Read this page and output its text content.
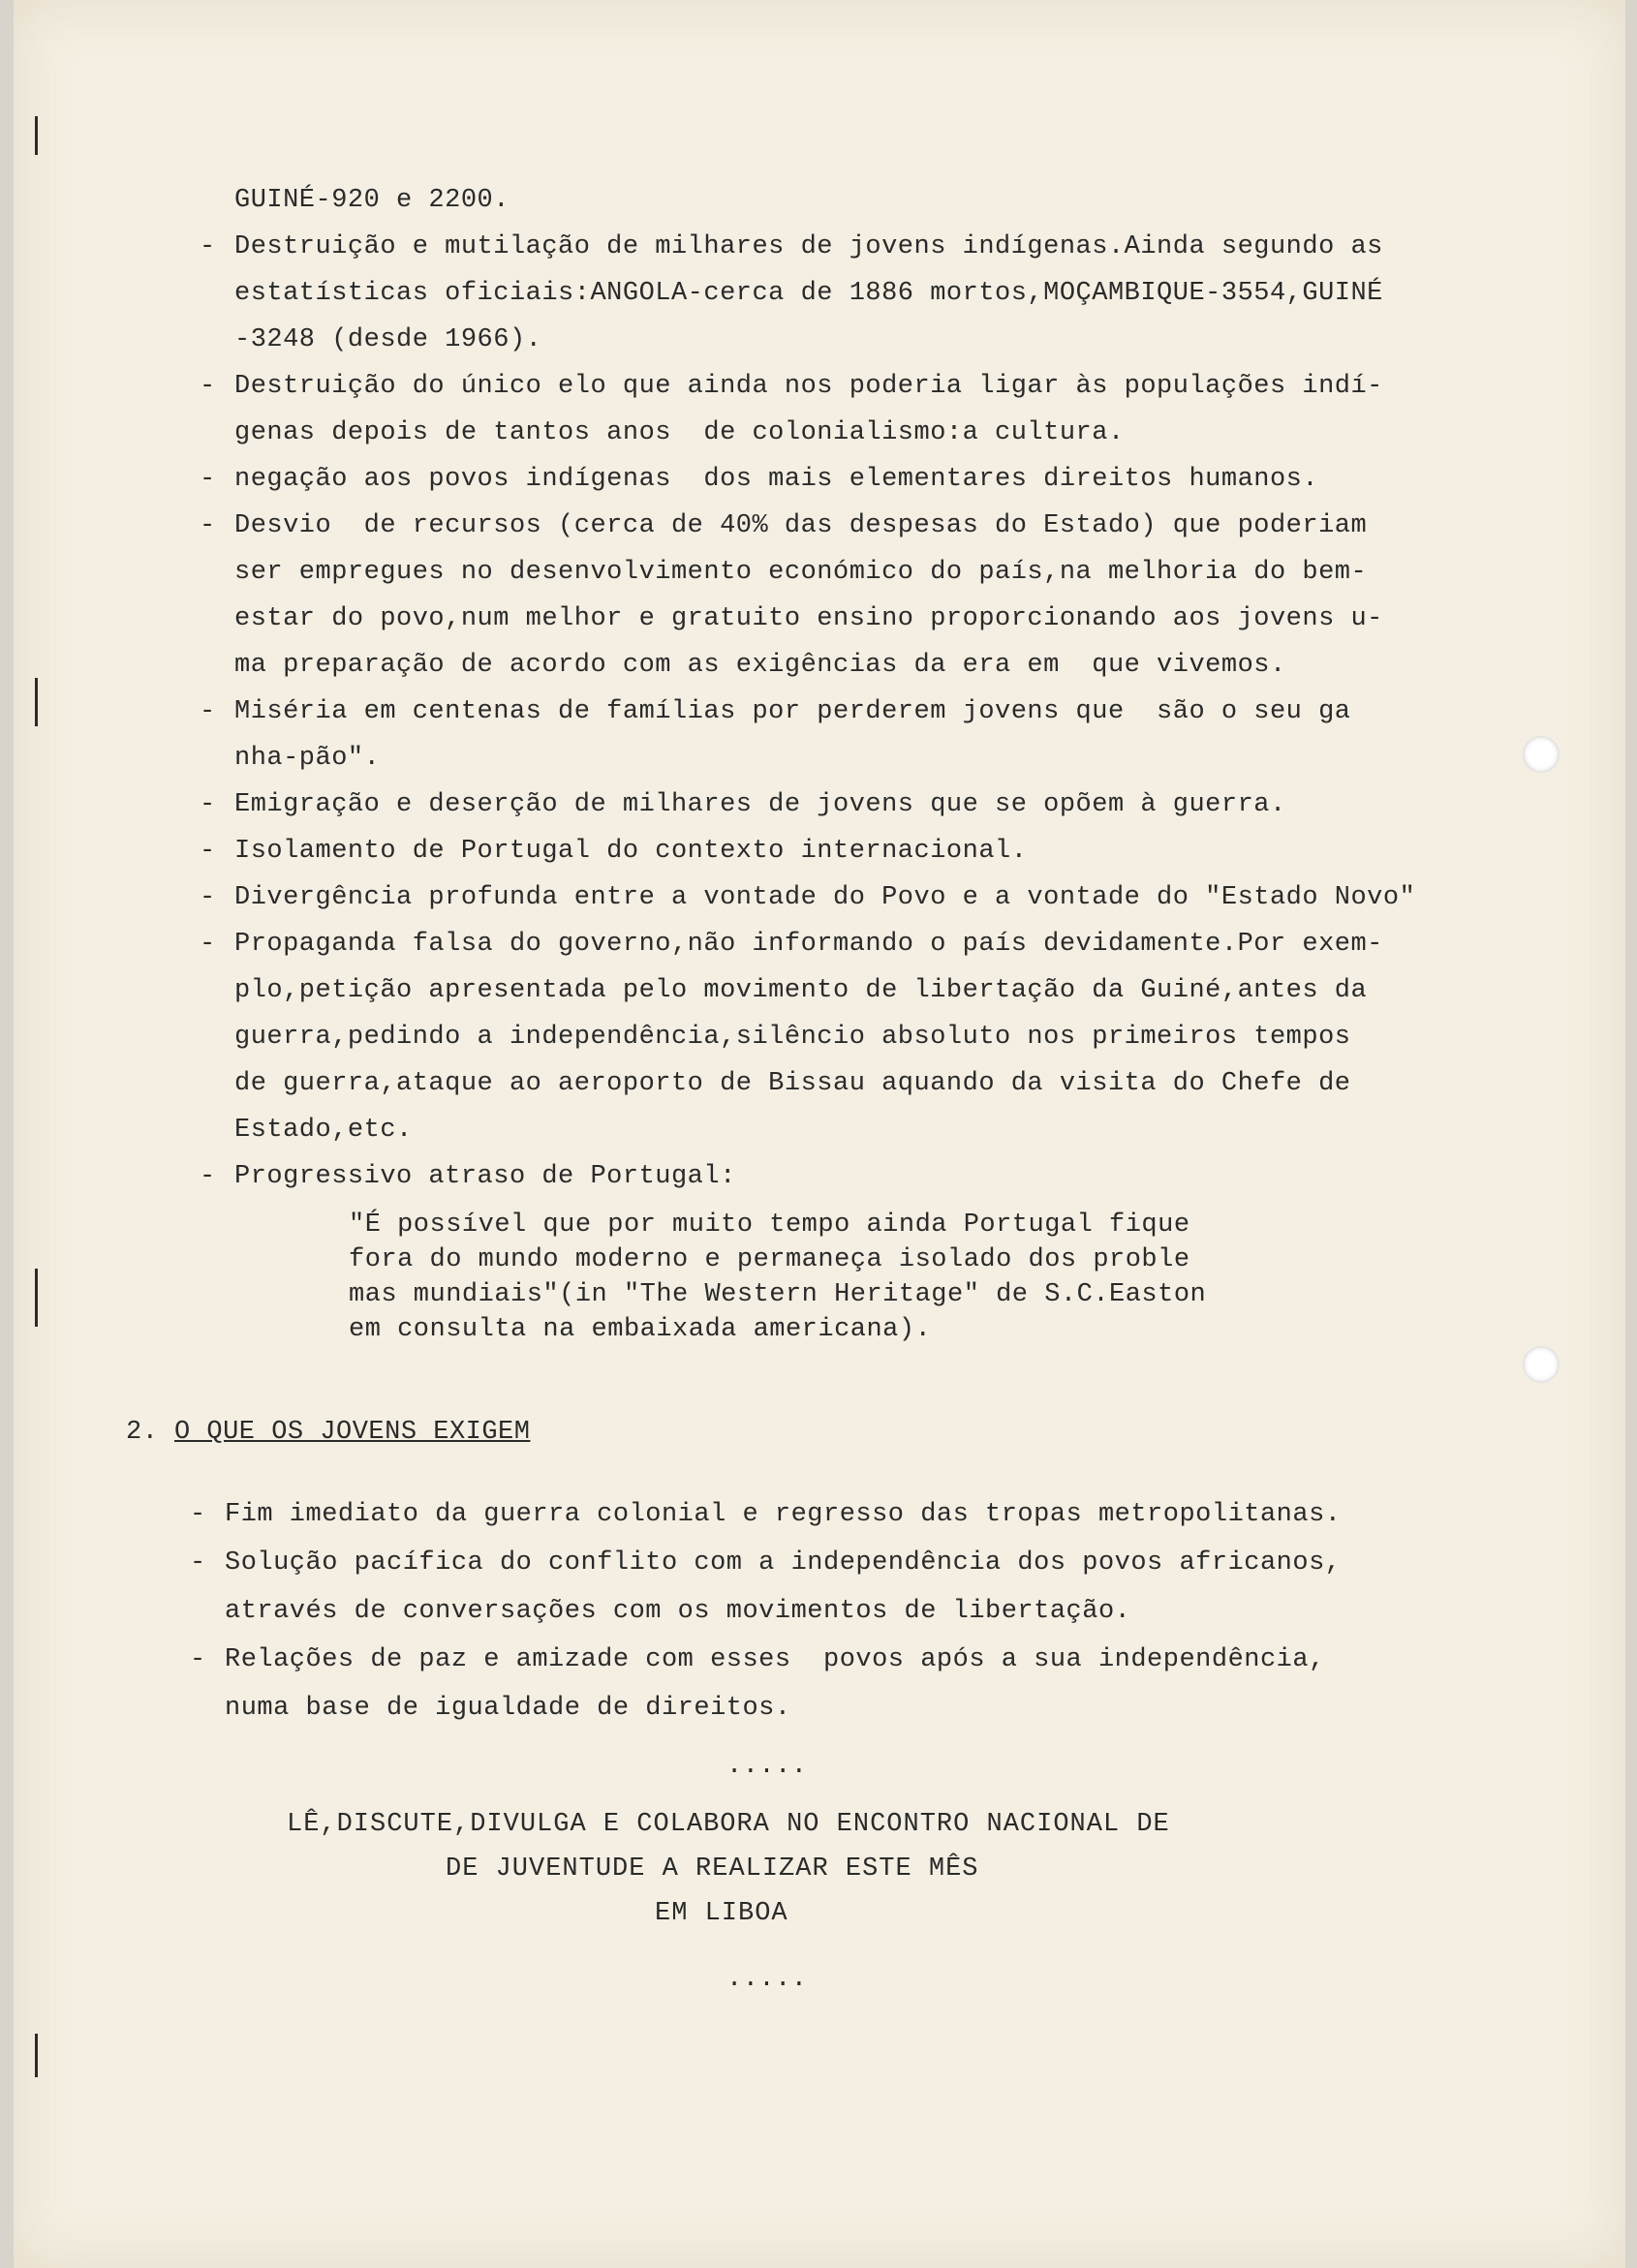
GUINÉ-920 e 2200.

- Destruição e mutilação de milhares de jovens indígenas.Ainda segundo as

estatísticas oficiais:ANGOLA-cerca de 1886 mortos,MOÇAMBIQUE-3554,GUINÉ

-3248 (desde 1966).

- Destruição do único elo que ainda nos poderia ligar às populações indí-

genas depois de tantos anos  de colonialismo:a cultura.

- negação aos povos indígenas  dos mais elementares direitos humanos.

- Desvio  de recursos (cerca de 40% das despesas do Estado) que poderiam

ser empregues no desenvolvimento económico do país,na melhoria do bem-

estar do povo,num melhor e gratuito ensino proporcionando aos jovens u-

ma preparação de acordo com as exigências da era em  que vivemos.

- Miséria em centenas de famílias por perderem jovens que  são o seu ga

nha-pão".

- Emigração e deserção de milhares de jovens que se opõem à guerra.

- Isolamento de Portugal do contexto internacional.

- Divergência profunda entre a vontade do Povo e a vontade do "Estado Novo"

- Propaganda falsa do governo,não informando o país devidamente.Por exem-

plo,petição apresentada pelo movimento de libertação da Guiné,antes da

guerra,pedindo a independência,silêncio absoluto nos primeiros tempos

de guerra,ataque ao aeroporto de Bissau aquando da visita do Chefe de

Estado,etc.

- Progressivo atraso de Portugal:

"É possível que por muito tempo ainda Portugal fique

fora do mundo moderno e permaneça isolado dos proble

mas mundiais"(in "The Western Heritage" de S.C.Easton

em consulta na embaixada americana).

2. O QUE OS JOVENS EXIGEM

- Fim imediato da guerra colonial e regresso das tropas metropolitanas.

- Solução pacífica do conflito com a independência dos povos africanos,

através de conversações com os movimentos de libertação.

- Relações de paz e amizade com esses  povos após a sua independência,

numa base de igualdade de direitos.

.....

LÊ,DISCUTE,DIVULGA E COLABORA NO ENCONTRO NACIONAL DE

DE JUVENTUDE A REALIZAR ESTE MÊS

EM LIBOA

.....
